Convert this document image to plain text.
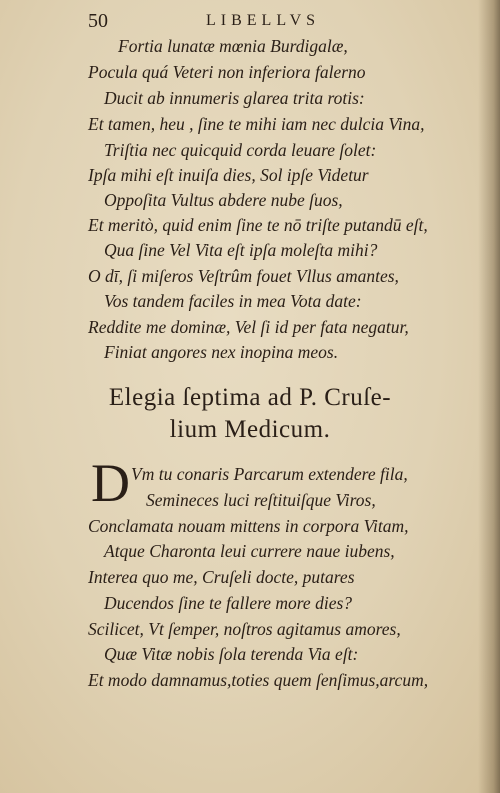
50	LIBELLVS
Fortia lunatæ mœnia Burdigalæ,
Pocula quá Veteri non inferiora falerno
Ducit ab innumeris glarea trita rotis:
Et tamen, heu , ſine te mihi iam nec dulcia Vina,
Triſtia nec quicquid corda leuare ſolet:
Ipſa mihi eſt inuiſa dies, Sol ipſe Videtur
Oppoſita Vultus abdere nube ſuos,
Et meritò, quid enim ſine te nō triſte putandū eſt,
Qua ſine Vel Vita eſt ipſa moleſta mihi?
O dī, ſi miſeros Veſtrûm fouet Vllus amantes,
Vos tandem faciles in mea Vota date:
Reddite me dominæ, Vel ſi id per fata negatur,
Finiat angores nex inopina meos.
Elegia ſeptima ad P. Cruſe-
lium Medicum.
D Vm tu conaris Parcarum extendere fila,
Semineces luci reſtituiſque Viros,
Conclamata nouam mittens in corpora Vitam,
Atque Charonta leui currere naue iubens,
Interea quo me, Cruſeli docte, putares
Ducendos ſine te fallere more dies?
Scilicet, Vt ſemper, noſtros agitamus amores,
Quæ Vitæ nobis ſola terenda Via eſt:
Et modo damnamus,toties quem ſenſimus,arcum,
